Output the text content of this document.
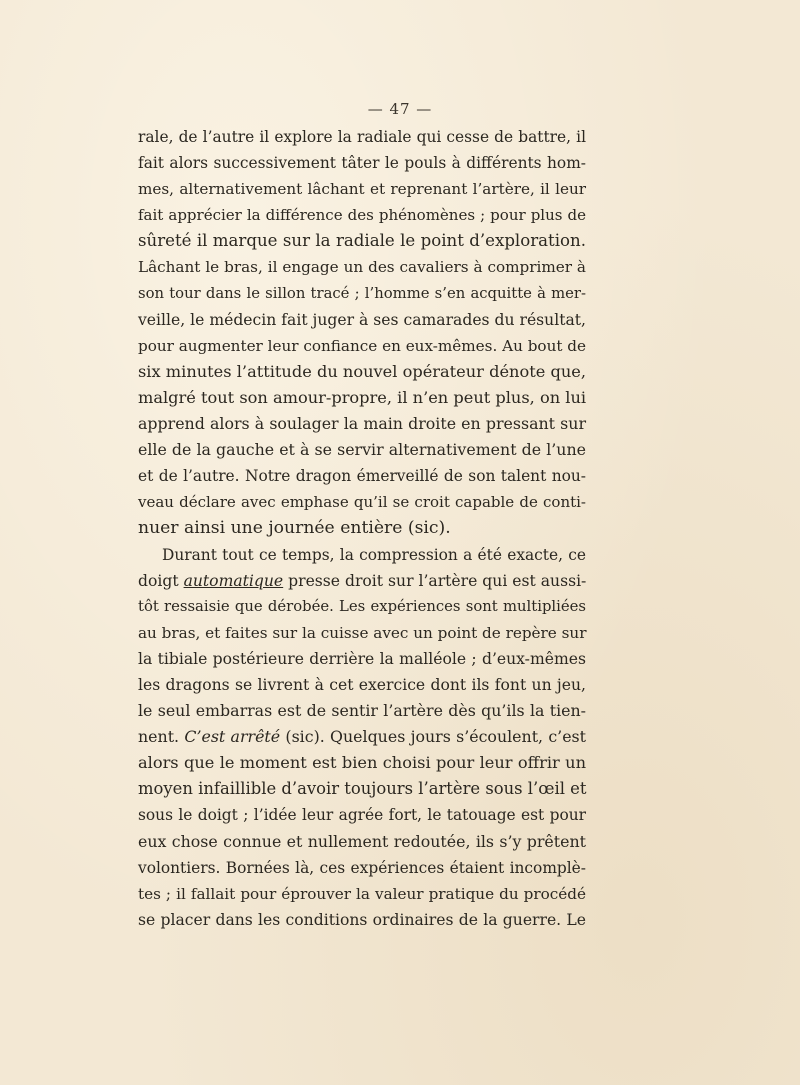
— 47 —
rale, de l’autre il explore la radiale qui cesse de battre, il
fait alors successivement tâter le pouls à différents hom-
mes, alternativement lâchant et reprenant l’artère, il leur
fait apprécier la différence des phénomènes ; pour plus de
sûreté il marque sur la radiale le point d’exploration.
Lâchant le bras, il engage un des cavaliers à comprimer à
son tour dans le sillon tracé ; l’homme s’en acquitte à mer-
veille, le médecin fait juger à ses camarades du résultat,
pour augmenter leur confiance en eux-mêmes. Au bout de
six minutes l’attitude du nouvel opérateur dénote que,
malgré tout son amour-propre, il n’en peut plus, on lui
apprend alors à soulager la main droite en pressant sur
elle de la gauche et à se servir alternativement de l’une
et de l’autre. Notre dragon émerveillé de son talent nou-
veau déclare avec emphase qu’il se croit capable de conti-
nuer ainsi une journée entière (sic).
Durant tout ce temps, la compression a été exacte, ce
doigt automatique presse droit sur l’artère qui est aussi-
tôt ressaisie que dérobée. Les expériences sont multipliées
au bras, et faites sur la cuisse avec un point de repère sur
la tibiale postérieure derrière la malléole ; d’eux-mêmes
les dragons se livrent à cet exercice dont ils font un jeu,
le seul embarras est de sentir l’artère dès qu’ils la tien-
nent. C’est arrêté (sic). Quelques jours s’écoulent, c’est
alors que le moment est bien choisi pour leur offrir un
moyen infaillible d’avoir toujours l’artère sous l’œil et
sous le doigt ; l’idée leur agrée fort, le tatouage est pour
eux chose connue et nullement redoutée, ils s’y prêtent
volontiers. Bornées là, ces expériences étaient incomplè-
tes ; il fallait pour éprouver la valeur pratique du procédé
se placer dans les conditions ordinaires de la guerre. Le
